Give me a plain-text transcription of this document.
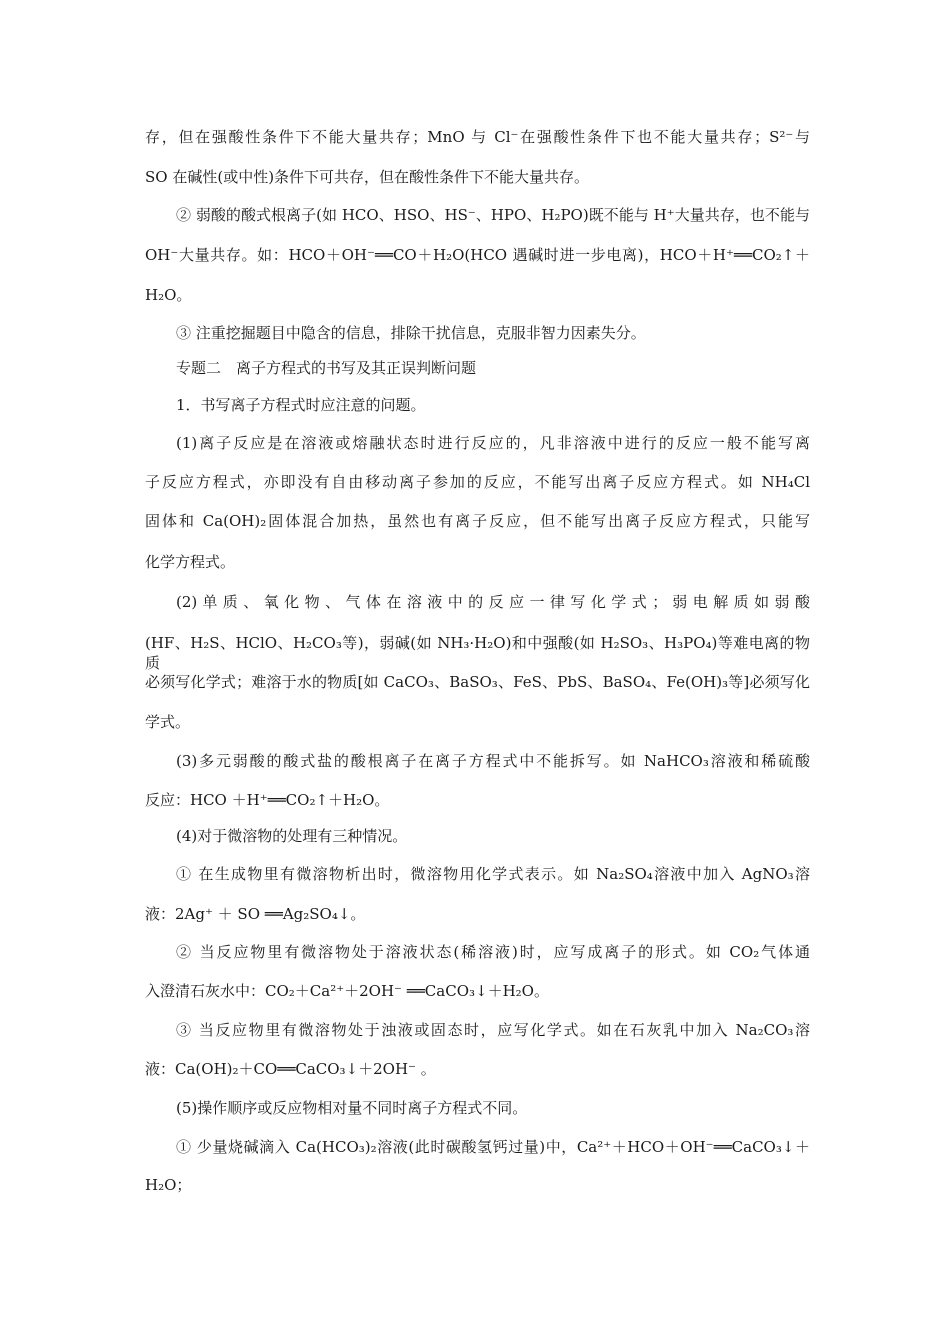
存，但在强酸性条件下不能大量共存；MnO 与 Cl⁻在强酸性条件下也不能大量共存；S²⁻与
SO 在碱性(或中性)条件下可共存，但在酸性条件下不能大量共存。
② 弱酸的酸式根离子(如 HCO、HSO、HS⁻、HPO、H₂PO)既不能与 H⁺大量共存，也不能与
OH⁻大量共存。如：HCO＋OH⁻══CO＋H₂O(HCO 遇碱时进一步电离)，HCO＋H⁺══CO₂↑＋
H₂O。
③ 注重挖掘题目中隐含的信息，排除干扰信息，克服非智力因素失分。
专题二　离子方程式的书写及其正误判断问题
1．书写离子方程式时应注意的问题。
(1)离子反应是在溶液或熔融状态时进行反应的，凡非溶液中进行的反应一般不能写离
子反应方程式，亦即没有自由移动离子参加的反应，不能写出离子反应方程式。如 NH₄Cl
固体和 Ca(OH)₂固体混合加热，虽然也有离子反应，但不能写出离子反应方程式，只能写
化学方程式。
(2) 单 质 、 氧 化 物 、 气 体 在 溶 液 中 的 反 应 一 律 写 化 学 式 ； 弱 电 解 质 如 弱 酸
(HF、H₂S、HClO、H₂CO₃等)，弱碱(如 NH₃·H₂O)和中强酸(如 H₂SO₃、H₃PO₄)等难电离的物质
必须写化学式；难溶于水的物质[如 CaCO₃、BaSO₃、FeS、PbS、BaSO₄、Fe(OH)₃等]必须写化
学式。
(3)多元弱酸的酸式盐的酸根离子在离子方程式中不能拆写。如 NaHCO₃溶液和稀硫酸
反应：HCO ＋H⁺══CO₂↑＋H₂O。
(4)对于微溶物的处理有三种情况。
① 在生成物里有微溶物析出时，微溶物用化学式表示。如 Na₂SO₄溶液中加入 AgNO₃溶
液：2Ag⁺ ＋ SO ══Ag₂SO₄↓。
② 当反应物里有微溶物处于溶液状态(稀溶液)时，应写成离子的形式。如 CO₂气体通
入澄清石灰水中：CO₂＋Ca²⁺＋2OH⁻ ══CaCO₃↓＋H₂O。
③ 当反应物里有微溶物处于浊液或固态时，应写化学式。如在石灰乳中加入 Na₂CO₃溶
液：Ca(OH)₂＋CO══CaCO₃↓＋2OH⁻ 。
(5)操作顺序或反应物相对量不同时离子方程式不同。
① 少量烧碱滴入 Ca(HCO₃)₂溶液(此时碳酸氢钙过量)中，Ca²⁺＋HCO＋OH⁻══CaCO₃↓＋
H₂O；
